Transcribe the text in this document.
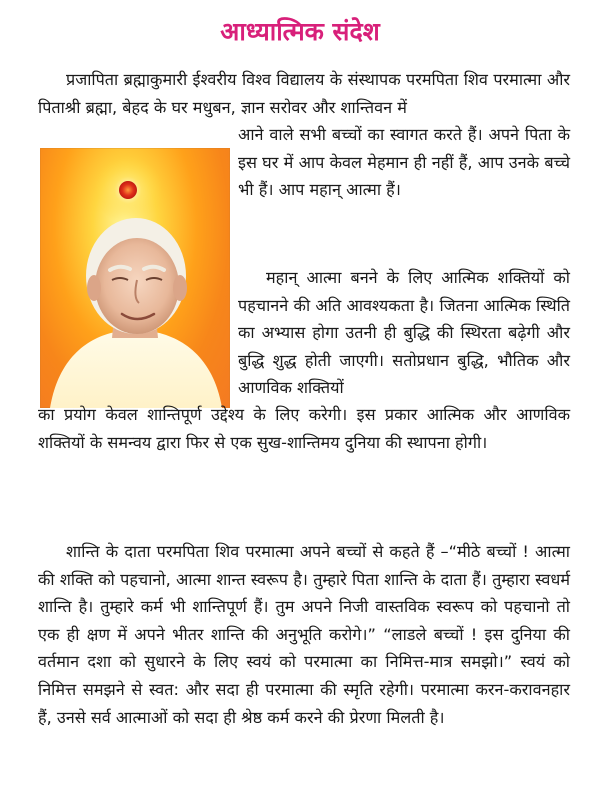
आध्यात्मिक संदेश

प्रजापिता ब्रह्माकुमारी ईश्वरीय विश्व विद्यालय के संस्थापक परमपिता शिव परमात्मा और पिताश्री ब्रह्मा, बेहद के घर मधुबन, ज्ञान सरोवर और शान्तिवन में

आने वाले सभी बच्चों का स्वागत करते हैं। अपने पिता के इस घर में आप केवल मेहमान ही नहीं हैं, आप उनके बच्चे भी हैं। आप महान् आत्मा हैं।

महान् आत्मा बनने के लिए आत्मिक शक्तियों को पहचानने की अति आवश्यकता है। जितना आत्मिक स्थिति का अभ्यास होगा उतनी ही बुद्धि की स्थिरता बढ़ेगी और बुद्धि शुद्ध होती जाएगी। सतोप्रधान बुद्धि, भौतिक और आणविक शक्तियों

का प्रयोग केवल शान्तिपूर्ण उद्देश्य के लिए करेगी। इस प्रकार आत्मिक और आणविक शक्तियों के समन्वय द्वारा फिर से एक सुख-शान्तिमय दुनिया की स्थापना होगी।

शान्ति के दाता परमपिता शिव परमात्मा अपने बच्चों से कहते हैं –“मीठे बच्चों ! आत्मा की शक्ति को पहचानो, आत्मा शान्त स्वरूप है। तुम्हारे पिता शान्ति के दाता हैं। तुम्हारा स्वधर्म शान्ति है। तुम्हारे कर्म भी शान्तिपूर्ण हैं। तुम अपने निजी वास्तविक स्वरूप को पहचानो तो एक ही क्षण में अपने भीतर शान्ति की अनुभूति करोगे।” “लाडले बच्चों ! इस दुनिया की वर्तमान दशा को सुधारने के लिए स्वयं को परमात्मा का निमित्त-मात्र समझो।” स्वयं को निमित्त समझने से स्वत: और सदा ही परमात्मा की स्मृति रहेगी। परमात्मा करन-करावनहार हैं, उनसे सर्व आत्माओं को सदा ही श्रेष्ठ कर्म करने की प्रेरणा मिलती है।
